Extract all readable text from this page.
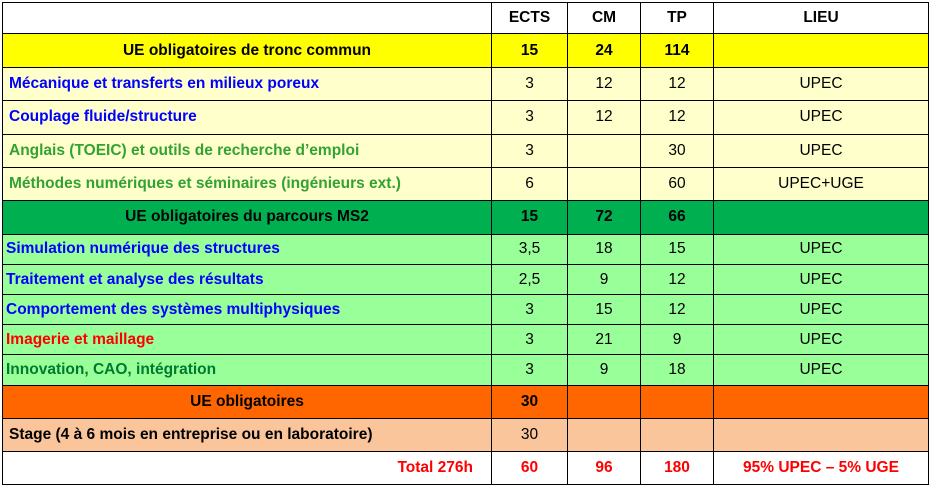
	ECTS	CM	TP	LIEU
UE obligatoires de tronc commun	15	24	114	
Mécanique et transferts en milieux poreux	3	12	12	UPEC
Couplage fluide/structure	3	12	12	UPEC
Anglais (TOEIC) et outils de recherche d’emploi	3		30	UPEC
Méthodes numériques et séminaires (ingénieurs ext.)	6		60	UPEC+UGE
UE obligatoires du parcours MS2	15	72	66	
Simulation numérique des structures	3,5	18	15	UPEC
Traitement et analyse des résultats	2,5	9	12	UPEC
Comportement des systèmes multiphysiques	3	15	12	UPEC
Imagerie et maillage	3	21	9	UPEC
Innovation, CAO, intégration	3	9	18	UPEC
UE obligatoires	30			
Stage (4 à 6 mois en entreprise ou en laboratoire)	30			
Total 276h	60	96	180	95% UPEC – 5% UGE
